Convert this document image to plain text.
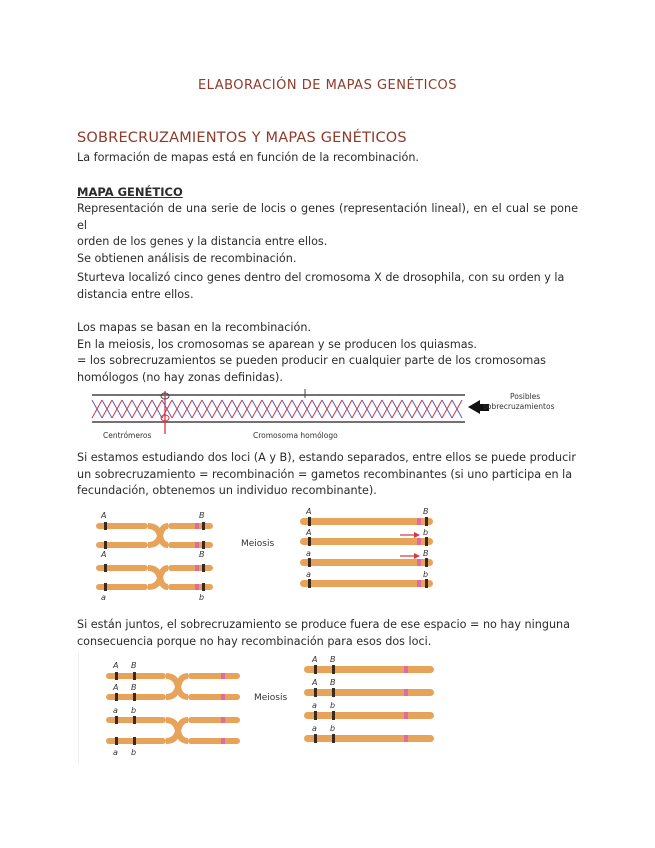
ELABORACIÓN DE MAPAS GENÉTICOS
SOBRECRUZAMIENTOS Y MAPAS GENÉTICOS
La formación de mapas está en función de la recombinación.
MAPA GENÉTICO
Representación de una serie de locis o genes (representación lineal), en el cual se pone el
orden de los genes y la distancia entre ellos.
Se obtienen análisis de recombinación.
Sturteva localizó cinco genes dentro del cromosoma X de drosophila, con su orden y la
distancia entre ellos.
Los mapas se basan en la recombinación.
En la meiosis, los cromosomas se aparean y se producen los quiasmas.
= los sobrecruzamientos se pueden producir en cualquier parte de los cromosomas
homólogos (no hay zonas definidas).
Posibles
sobrecruzamientos
Centrómeros	Cromosoma homólogo
Si estamos estudiando dos loci (A y B), estando separados, entre ellos se puede producir
un sobrecruzamiento = recombinación = gametos recombinantes (si uno participa en la
fecundación, obtenemos un individuo recombinante).
A	B
A	B
a	b
Meiosis
A	B
A	b
a	B
a	b
Si están juntos, el sobrecruzamiento se produce fuera de ese espacio = no hay ninguna
consecuencia porque no hay recombinación para esos dos loci.
A B
A B
a b
a b
Meiosis
A B
A B
a b
a b
